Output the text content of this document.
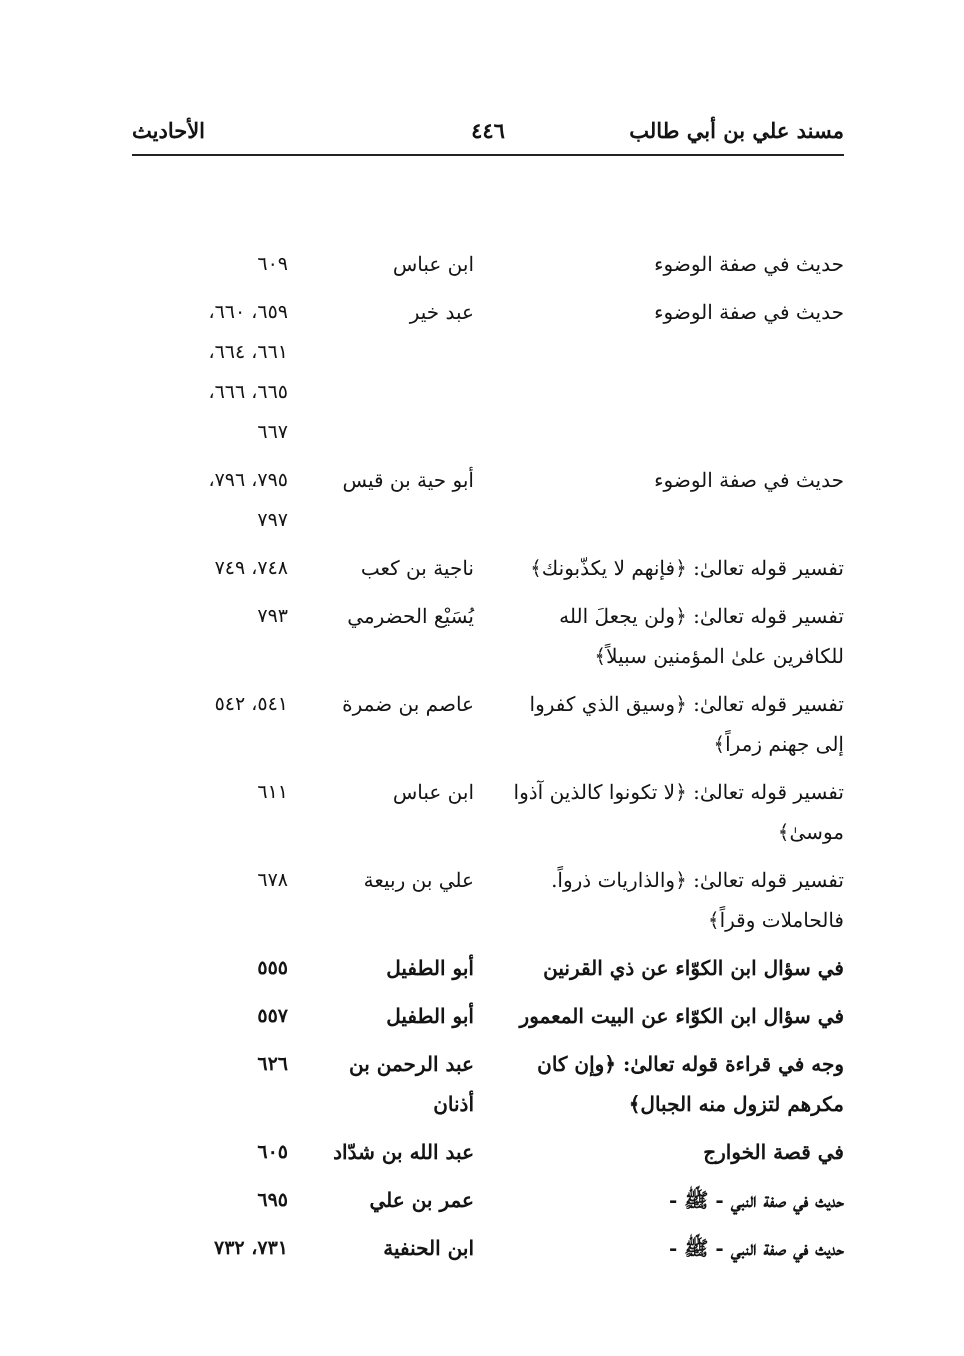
مسند علي بن أبي طالب
٤٤٦
الأحاديث
حديث في صفة الوضوء
ابن عباس
٦٠٩
حديث في صفة الوضوء
عبد خير
٦٥٩، ٦٦٠،
٦٦١، ٦٦٤،
٦٦٥، ٦٦٦،
٦٦٧
حديث في صفة الوضوء
أبو حية بن قيس
٧٩٥، ٧٩٦،
٧٩٧
تفسير قوله تعالىٰ: ﴿فإنهم لا يكذّبونك﴾
ناجية بن كعب
٧٤٨، ٧٤٩
تفسير قوله تعالىٰ: ﴿ولن يجعلَ الله
للكافرين علىٰ المؤمنين سبيلاً﴾
يُسَيْع الحضرمي
٧٩٣
تفسير قوله تعالىٰ: ﴿وسيق الذي كفروا
إلى جهنم زمراً﴾
عاصم بن ضمرة
٥٤١، ٥٤٢
تفسير قوله تعالىٰ: ﴿لا تكونوا كالذين آذوا
موسىٰ﴾
ابن عباس
٦١١
تفسير قوله تعالىٰ: ﴿والذاريات ذرواً.
فالحاملات وقراً﴾
علي بن ربيعة
٦٧٨
في سؤال ابن الكوّاء عن ذي القرنين
أبو الطفيل
٥٥٥
في سؤال ابن الكوّاء عن البيت المعمور
أبو الطفيل
٥٥٧
وجه في قراءة قوله تعالىٰ: ﴿وإن كان
مكرهم لتزول منه الجبال﴾
عبد الرحمن بن
أذنان
٦٢٦
في قصة الخوارج
عبد الله بن شدّاد
٦٠٥
حديث في صفة النبي - ﷺ -
عمر بن علي
٦٩٥
حديث في صفة النبي - ﷺ -
ابن الحنفية
٧٣١، ٧٣٢
